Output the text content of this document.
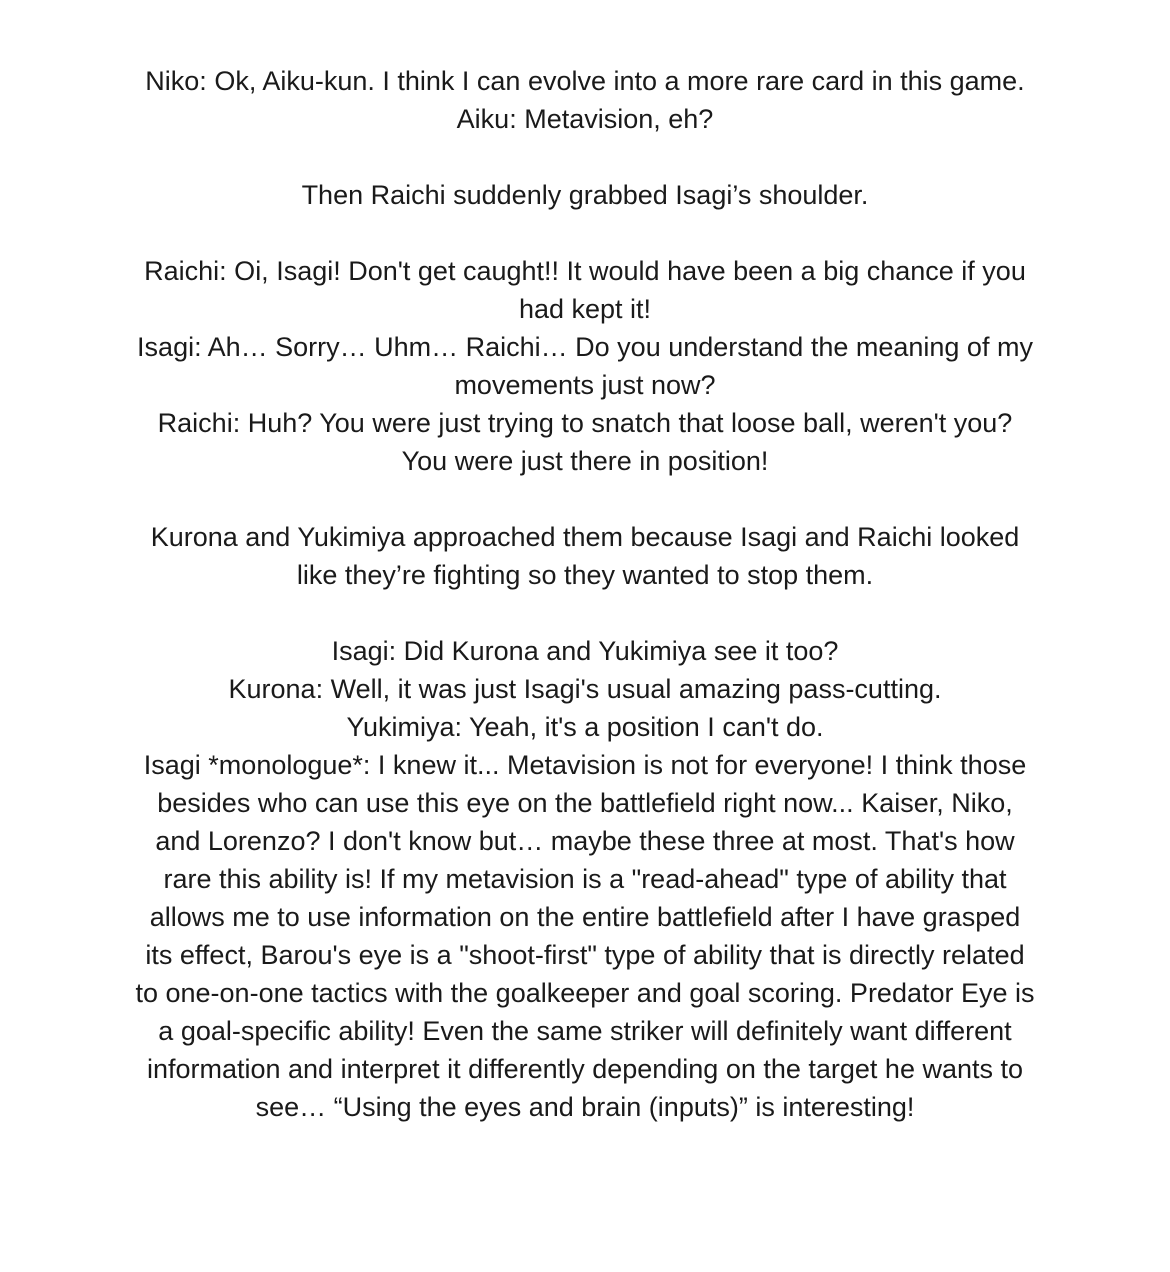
Niko: Ok, Aiku-kun. I think I can evolve into a more rare card in this game.

Aiku: Metavision, eh?

Then Raichi suddenly grabbed Isagi’s shoulder.

Raichi: Oi, Isagi! Don't get caught!! It would have been a big chance if you had kept it!

Isagi: Ah… Sorry… Uhm… Raichi… Do you understand the meaning of my movements just now?

Raichi: Huh? You were just trying to snatch that loose ball, weren't you? You were just there in position!

Kurona and Yukimiya approached them because Isagi and Raichi looked like they’re fighting so they wanted to stop them.

Isagi: Did Kurona and Yukimiya see it too?

Kurona: Well, it was just Isagi's usual amazing pass-cutting.

Yukimiya: Yeah, it's a position I can't do.

Isagi *monologue*: I knew it... Metavision is not for everyone! I think those besides who can use this eye on the battlefield right now... Kaiser, Niko, and Lorenzo? I don't know but… maybe these three at most. That's how rare this ability is! If my metavision is a "read-ahead" type of ability that allows me to use information on the entire battlefield after I have grasped its effect, Barou's eye is a "shoot-first" type of ability that is directly related to one-on-one tactics with the goalkeeper and goal scoring. Predator Eye is a goal-specific ability! Even the same striker will definitely want different information and interpret it differently depending on the target he wants to see… “Using the eyes and brain (inputs)” is interesting!
